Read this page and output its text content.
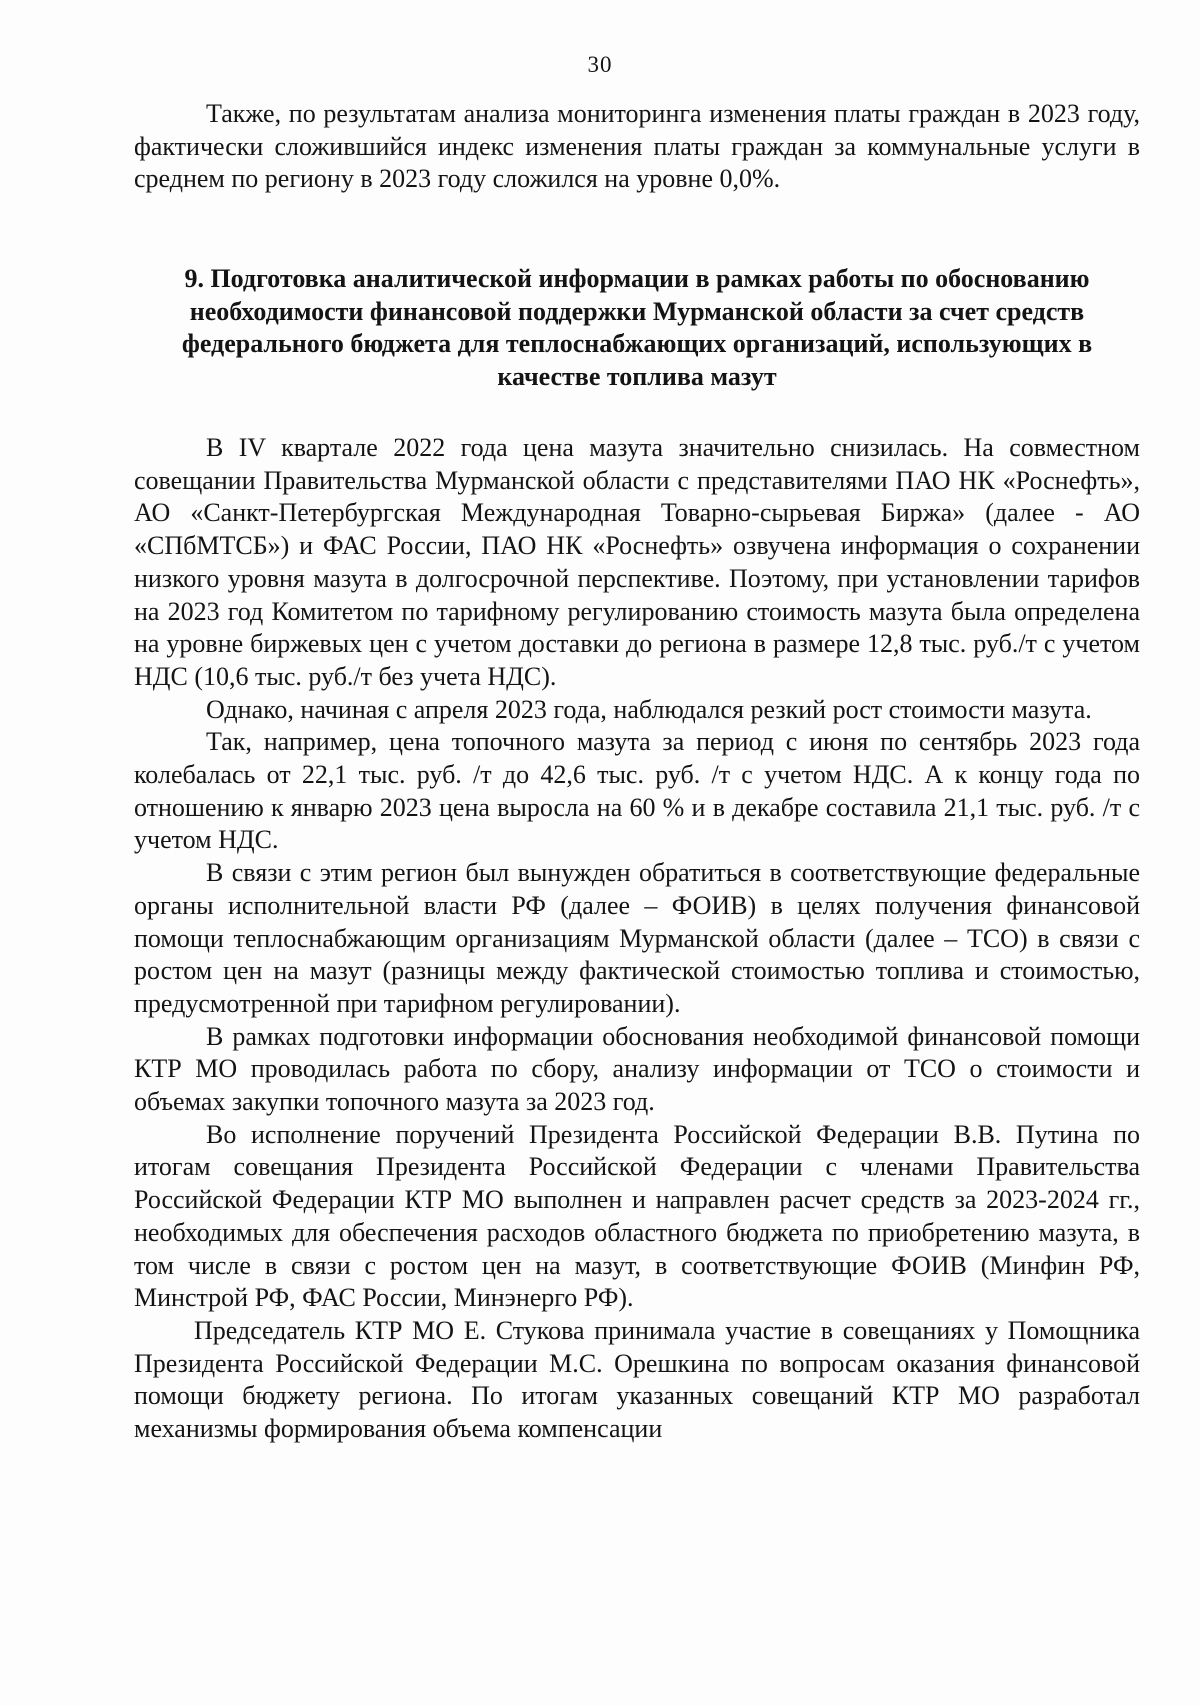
30

Также, по результатам анализа мониторинга изменения платы граждан в 2023 году, фактически сложившийся индекс изменения платы граждан за коммунальные услуги в среднем по региону в 2023 году сложился на уровне 0,0%.

9. Подготовка аналитической информации в рамках работы по обоснованию необходимости финансовой поддержки Мурманской области за счет средств федерального бюджета для теплоснабжающих организаций, использующих в качестве топлива мазут

В IV квартале 2022 года цена мазута значительно снизилась. На совместном совещании Правительства Мурманской области с представителями ПАО НК «Роснефть», АО «Санкт-Петербургская Международная Товарно-сырьевая Биржа» (далее - АО «СПбМТСБ») и ФАС России, ПАО НК «Роснефть» озвучена информация о сохранении низкого уровня мазута в долгосрочной перспективе. Поэтому, при установлении тарифов на 2023 год Комитетом по тарифному регулированию стоимость мазута была определена на уровне биржевых цен с учетом доставки до региона в размере 12,8 тыс. руб./т с учетом НДС (10,6 тыс. руб./т без учета НДС).

Однако, начиная с апреля 2023 года, наблюдался резкий рост стоимости мазута.

Так, например, цена топочного мазута за период с июня по сентябрь 2023 года колебалась от 22,1 тыс. руб. /т до 42,6 тыс. руб. /т с учетом НДС. А к концу года по отношению к январю 2023 цена выросла на 60 % и в декабре составила 21,1 тыс. руб. /т с учетом НДС.

В связи с этим регион был вынужден обратиться в соответствующие федеральные органы исполнительной власти РФ (далее – ФОИВ) в целях получения финансовой помощи теплоснабжающим организациям Мурманской области (далее – ТСО) в связи с ростом цен на мазут (разницы между фактической стоимостью топлива и стоимостью, предусмотренной при тарифном регулировании).

В рамках подготовки информации обоснования необходимой финансовой помощи КТР МО проводилась работа по сбору, анализу информации от ТСО о стоимости и объемах закупки топочного мазута за 2023 год.

Во исполнение поручений Президента Российской Федерации В.В. Путина по итогам совещания Президента Российской Федерации с членами Правительства Российской Федерации КТР МО выполнен и направлен расчет средств за 2023-2024 гг., необходимых для обеспечения расходов областного бюджета по приобретению мазута, в том числе в связи с ростом цен на мазут, в соответствующие ФОИВ (Минфин РФ, Минстрой РФ, ФАС России, Минэнерго РФ).

Председатель КТР МО Е. Стукова принимала участие в совещаниях у Помощника Президента Российской Федерации М.С. Орешкина по вопросам оказания финансовой помощи бюджету региона. По итогам указанных совещаний КТР МО разработал механизмы формирования объема компенсации
